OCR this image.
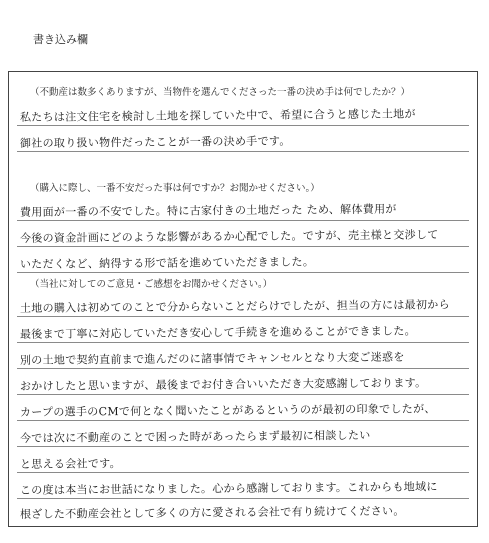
書き込み欄
（不動産は数多くありますが、当物件を選んでくださった一番の決め手は何でしたか？）
私たちは注文住宅を検討し土地を探していた中で、希望に合うと感じた土地が
御社の取り扱い物件だったことが一番の決め手です。
（購入に際し、一番不安だった事は何ですか？お聞かせください。）
費用面が一番の不安でした。特に古家付きの土地だった ため、解体費用が
今後の資金計画にどのような影響があるか心配でした。ですが、売主様と交渉して
いただくなど、納得する形で話を進めていただきました。
（当社に対してのご意見・ご感想をお聞かせください。）
土地の購入は初めてのことで分からないことだらけでしたが、担当の方には最初から
最後まで丁寧に対応していただき安心して手続きを進めることができました。
別の土地で契約直前まで進んだのに諸事情でキャンセルとなり大変ご迷惑を
おかけしたと思いますが、最後までお付き合いいただき大変感謝しております。
カープの選手のCMで何となく聞いたことがあるというのが最初の印象でしたが、
今では次に不動産のことで困った時があったらまず最初に相談したい
と思える会社です。
この度は本当にお世話になりました。心から感謝しております。これからも地域に
根ざした不動産会社として多くの方に愛される会社で有り続けてください。
